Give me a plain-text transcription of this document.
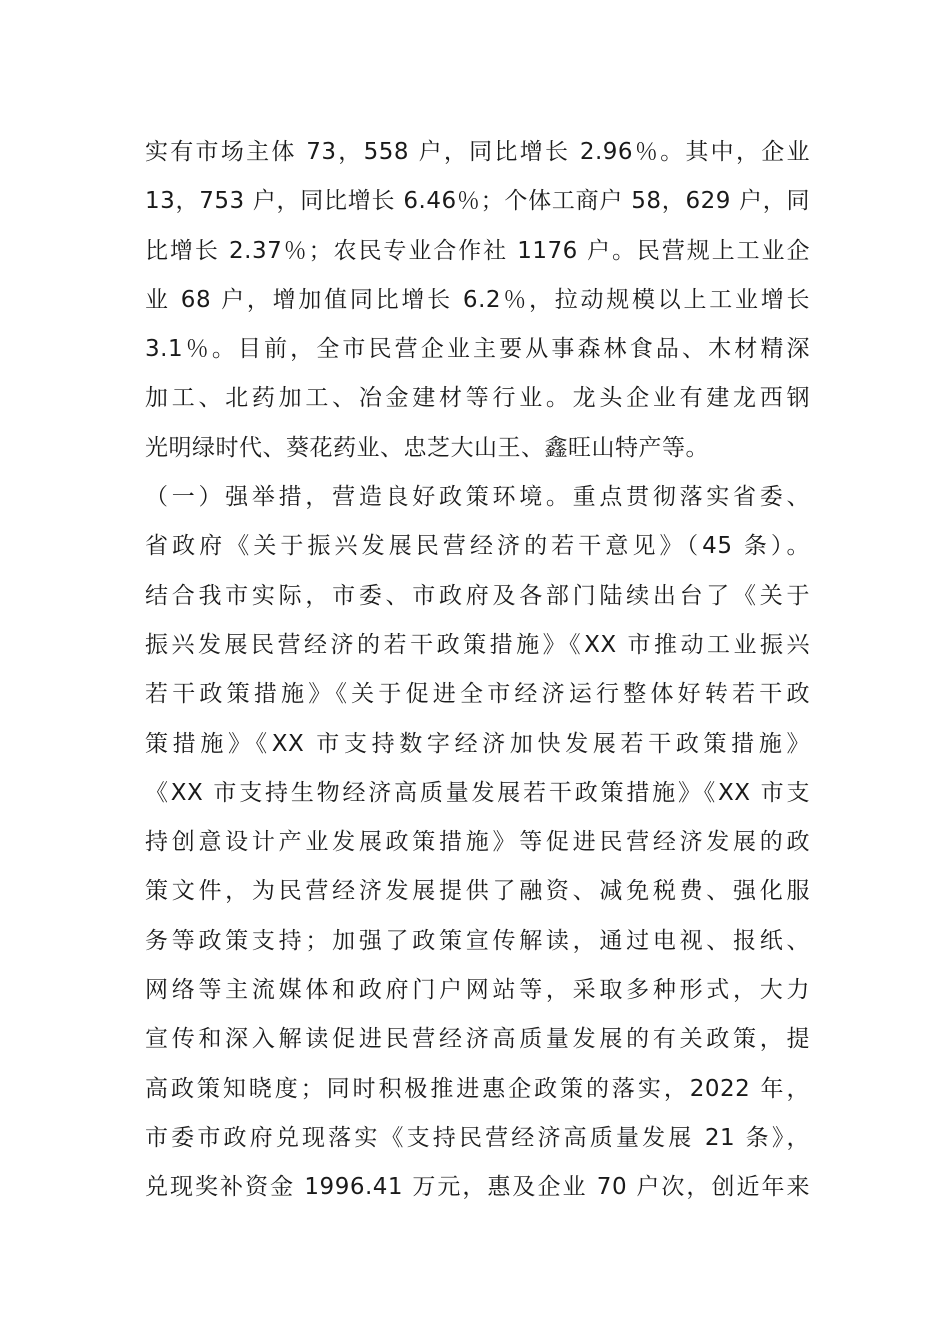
实有市场主体 73，558 户，同比增长 2.96％。其中，企业
13，753 户，同比增长 6.46％；个体工商户 58，629 户，同
比增长 2.37％；农民专业合作社 1176 户。民营规上工业企
业 68 户，增加值同比增长 6.2％，拉动规模以上工业增长
3.1％。目前，全市民营企业主要从事森林食品、木材精深
加工、北药加工、冶金建材等行业。龙头企业有建龙西钢
光明绿时代、葵花药业、忠芝大山王、鑫旺山特产等。
（一）强举措，营造良好政策环境。重点贯彻落实省委、
省政府《关于振兴发展民营经济的若干意见》（45 条）。
结合我市实际，市委、市政府及各部门陆续出台了《关于
振兴发展民营经济的若干政策措施》《XX 市推动工业振兴
若干政策措施》《关于促进全市经济运行整体好转若干政
策措施》《XX 市支持数字经济加快发展若干政策措施》
《XX 市支持生物经济高质量发展若干政策措施》《XX 市支
持创意设计产业发展政策措施》等促进民营经济发展的政
策文件，为民营经济发展提供了融资、减免税费、强化服
务等政策支持；加强了政策宣传解读，通过电视、报纸、
网络等主流媒体和政府门户网站等，采取多种形式，大力
宣传和深入解读促进民营经济高质量发展的有关政策，提
高政策知晓度；同时积极推进惠企政策的落实，2022 年，
市委市政府兑现落实《支持民营经济高质量发展 21 条》，
兑现奖补资金 1996.41 万元，惠及企业 70 户次，创近年来
